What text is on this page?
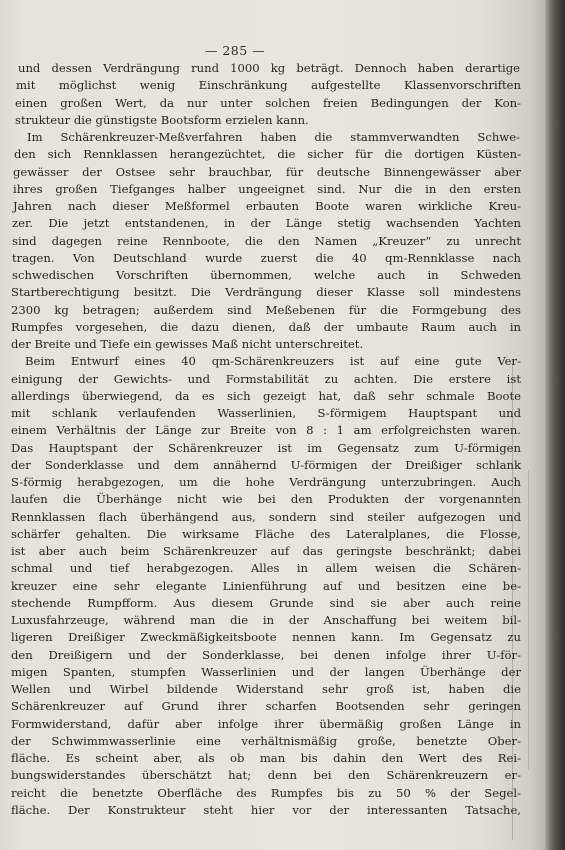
— 285 —
und dessen Verdrängung rund 1000 kg beträgt. Dennoch haben derartige
mit möglichst wenig Einschränkung aufgestellte Klassenvorschriften
einen großen Wert, da nur unter solchen freien Bedingungen der Kon-
strukteur die günstigste Bootsform erzielen kann.
Im Schärenkreuzer-Meßverfahren haben die stammverwandten Schwe-
den sich Rennklassen herangezüchtet, die sicher für die dortigen Küsten-
gewässer der Ostsee sehr brauchbar, für deutsche Binnengewässer aber
ihres großen Tiefganges halber ungeeignet sind. Nur die in den ersten
Jahren nach dieser Meßformel erbauten Boote waren wirkliche Kreu-
zer. Die jetzt entstandenen, in der Länge stetig wachsenden Yachten
sind dagegen reine Rennboote, die den Namen „Kreuzer“ zu unrecht
tragen. Von Deutschland wurde zuerst die 40 qm-Rennklasse nach
schwedischen Vorschriften übernommen, welche auch in Schweden
Startberechtigung besitzt. Die Verdrängung dieser Klasse soll mindestens
2300 kg betragen; außerdem sind Meßebenen für die Formgebung des
Rumpfes vorgesehen, die dazu dienen, daß der umbaute Raum auch in
der Breite und Tiefe ein gewisses Maß nicht unterschreitet.
Beim Entwurf eines 40 qm-Schärenkreuzers ist auf eine gute Ver-
einigung der Gewichts- und Formstabilität zu achten. Die erstere ist
allerdings überwiegend, da es sich gezeigt hat, daß sehr schmale Boote
mit schlank verlaufenden Wasserlinien, S-förmigem Hauptspant und
einem Verhältnis der Länge zur Breite von 8 : 1 am erfolgreichsten waren.
Das Hauptspant der Schärenkreuzer ist im Gegensatz zum U-förmigen
der Sonderklasse und dem annähernd U-förmigen der Dreißiger schlank
S-förmig herabgezogen, um die hohe Verdrängung unterzubringen. Auch
laufen die Überhänge nicht wie bei den Produkten der vorgenannten
Rennklassen flach überhängend aus, sondern sind steiler aufgezogen und
schärfer gehalten. Die wirksame Fläche des Lateralplanes, die Flosse,
ist aber auch beim Schärenkreuzer auf das geringste beschränkt; dabei
schmal und tief herabgezogen. Alles in allem weisen die Schären-
kreuzer eine sehr elegante Linienführung auf und besitzen eine be-
stechende Rumpfform. Aus diesem Grunde sind sie aber auch reine
Luxusfahrzeuge, während man die in der Anschaffung bei weitem bil-
ligeren Dreißiger Zweckmäßigkeitsboote nennen kann. Im Gegensatz zu
den Dreißigern und der Sonderklasse, bei denen infolge ihrer U-för-
migen Spanten, stumpfen Wasserlinien und der langen Überhänge der
Wellen und Wirbel bildende Widerstand sehr groß ist, haben die
Schärenkreuzer auf Grund ihrer scharfen Bootsenden sehr geringen
Formwiderstand, dafür aber infolge ihrer übermäßig großen Länge in
der Schwimmwasserlinie eine verhältnismäßig große, benetzte Ober-
fläche. Es scheint aber, als ob man bis dahin den Wert des Rei-
bungswiderstandes überschätzt hat; denn bei den Schärenkreuzern er-
reicht die benetzte Oberfläche des Rumpfes bis zu 50 % der Segel-
fläche. Der Konstrukteur steht hier vor der interessanten Tatsache,
